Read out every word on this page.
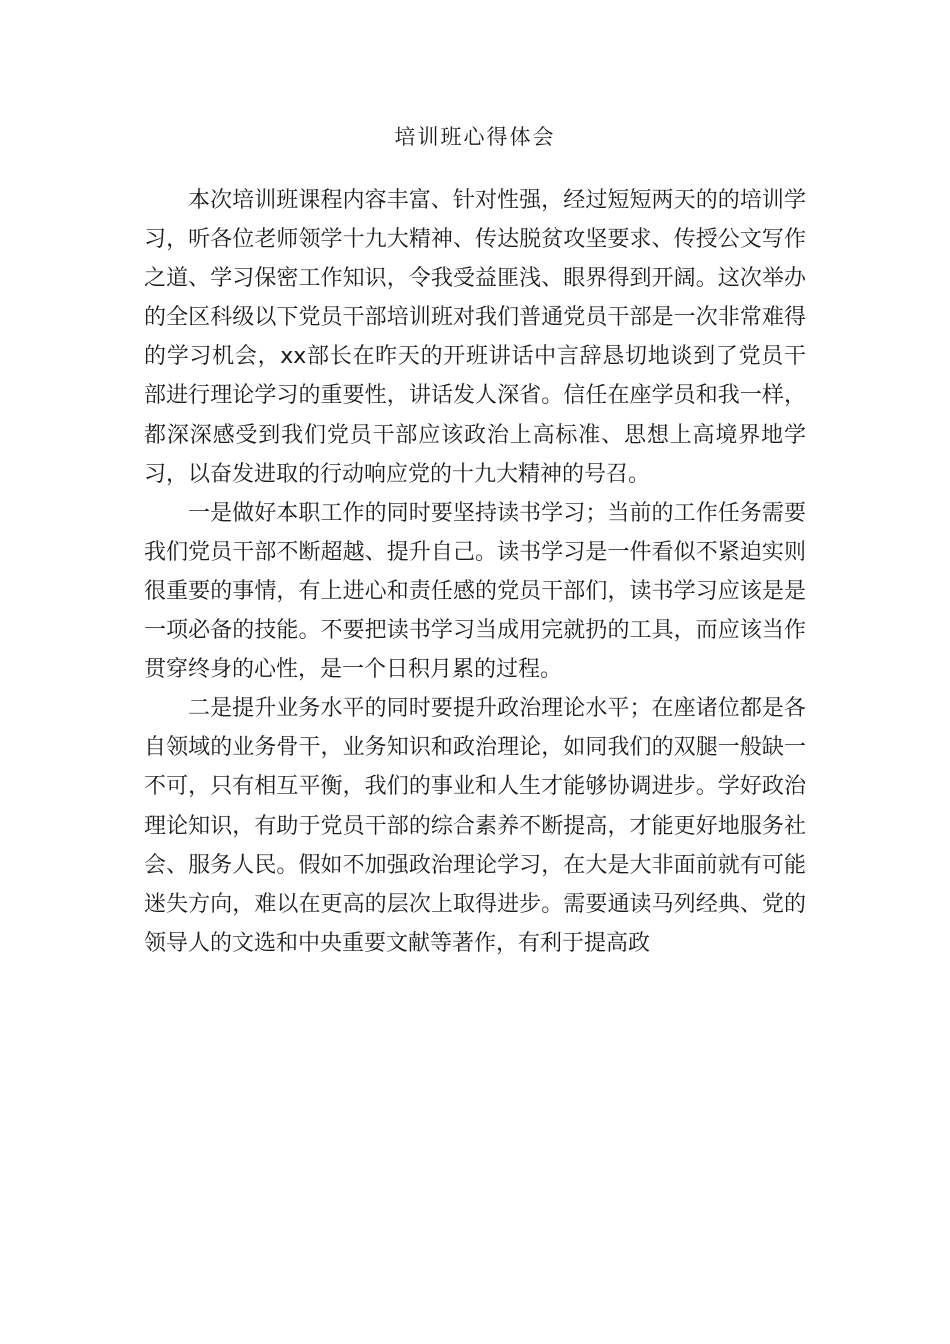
培训班心得体会

本次培训班课程内容丰富、针对性强，经过短短两天的的培训学习，听各位老师领学十九大精神、传达脱贫攻坚要求、传授公文写作之道、学习保密工作知识，令我受益匪浅、眼界得到开阔。这次举办的全区科级以下党员干部培训班对我们普通党员干部是一次非常难得的学习机会，xx部长在昨天的开班讲话中言辞恳切地谈到了党员干部进行理论学习的重要性，讲话发人深省。信任在座学员和我一样，都深深感受到我们党员干部应该政治上高标准、思想上高境界地学习，以奋发进取的行动响应党的十九大精神的号召。

一是做好本职工作的同时要坚持读书学习；当前的工作任务需要我们党员干部不断超越、提升自己。读书学习是一件看似不紧迫实则很重要的事情，有上进心和责任感的党员干部们，读书学习应该是是一项必备的技能。不要把读书学习当成用完就扔的工具，而应该当作贯穿终身的心性，是一个日积月累的过程。

二是提升业务水平的同时要提升政治理论水平；在座诸位都是各自领域的业务骨干，业务知识和政治理论，如同我们的双腿一般缺一不可，只有相互平衡，我们的事业和人生才能够协调进步。学好政治理论知识，有助于党员干部的综合素养不断提高，才能更好地服务社会、服务人民。假如不加强政治理论学习，在大是大非面前就有可能迷失方向，难以在更高的层次上取得进步。需要通读马列经典、党的领导人的文选和中央重要文献等著作，有利于提高政
